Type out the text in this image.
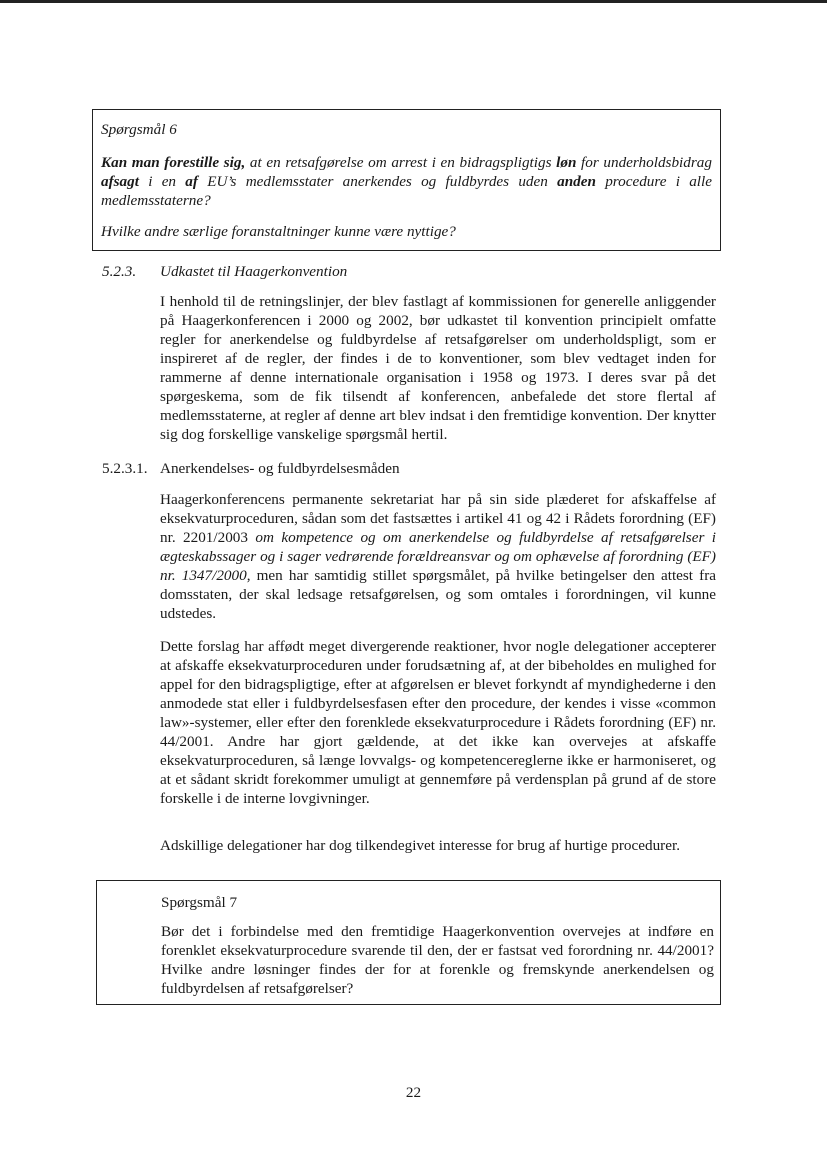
Spørgsmål 6

Kan man forestille sig, at en retsafgørelse om arrest i en bidragspligtigs løn for underholdsbidrag afsagt i en af EU’s medlemsstater anerkendes og fuldbyrdes uden anden procedure i alle medlemsstaterne?

Hvilke andre særlige foranstaltninger kunne være nyttige?

5.2.3. Udkastet til Haagerkonvention

I henhold til de retningslinjer, der blev fastlagt af kommissionen for generelle anliggender på Haagerkonferencen i 2000 og 2002, bør udkastet til konvention principielt omfatte regler for anerkendelse og fuldbyrdelse af retsafgørelser om underholdspligt, som er inspireret af de regler, der findes i de to konventioner, som blev vedtaget inden for rammerne af denne internationale organisation i 1958 og 1973. I deres svar på det spørgeskema, som de fik tilsendt af konferencen, anbefalede det store flertal af medlemsstaterne, at regler af denne art blev indsat i den fremtidige konvention. Der knytter sig dog forskellige vanskelige spørgsmål hertil.

5.2.3.1. Anerkendelses- og fuldbyrdelsesmåden

Haagerkonferencens permanente sekretariat har på sin side plæderet for afskaffelse af eksekvaturproceduren, sådan som det fastsættes i artikel 41 og 42 i Rådets forordning (EF) nr. 2201/2003 om kompetence og om anerkendelse og fuldbyrdelse af retsafgørelser i ægteskabssager og i sager vedrørende forældreansvar og om ophævelse af forordning (EF) nr. 1347/2000, men har samtidig stillet spørgsmålet, på hvilke betingelser den attest fra domsstaten, der skal ledsage retsafgørelsen, og som omtales i forordningen, vil kunne udstedes.

Dette forslag har affødt meget divergerende reaktioner, hvor nogle delegationer accepterer at afskaffe eksekvaturproceduren under forudsætning af, at der bibeholdes en mulighed for appel for den bidragspligtige, efter at afgørelsen er blevet forkyndt af myndighederne i den anmodede stat eller i fuldbyrdelsesfasen efter den procedure, der kendes i visse «common law»-systemer, eller efter den forenklede eksekvaturprocedure i Rådets forordning (EF) nr. 44/2001. Andre har gjort gældende, at det ikke kan overvejes at afskaffe eksekvaturproceduren, så længe lovvalgs- og kompetencereglerne ikke er harmoniseret, og at et sådant skridt forekommer umuligt at gennemføre på verdensplan på grund af de store forskelle i de interne lovgivninger.

Adskillige delegationer har dog tilkendegivet interesse for brug af hurtige procedurer.

Spørgsmål 7

Bør det i forbindelse med den fremtidige Haagerkonvention overvejes at indføre en forenklet eksekvaturprocedure svarende til den, der er fastsat ved forordning nr. 44/2001? Hvilke andre løsninger findes der for at forenkle og fremskynde anerkendelsen og fuldbyrdelsen af retsafgørelser?

22
